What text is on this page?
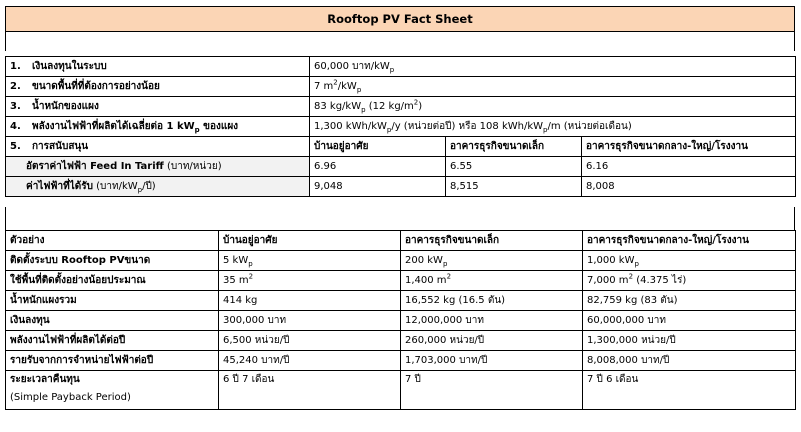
Rooftop PV Fact Sheet
1. เงินลงทุนในระบบ	60,000 บาท$/kW_p$
2. ขนาดพื้นที่ที่ต้องการอย่างน้อย	7 $m^2/kW_p$
3. น้ำหนักของแผง	83 $kg/kW_p$ (12 $kg/m^2$)		
4. พลังงานไฟฟ้าที่ผลิตได้เฉลี่ยต่อ 1 $kW_p$ ของแผง	1,300 kWh/$kW_p/y$ (หน่วยต่อปี) หรือ 108 kWh/$kW_p/m$ (หน่วยต่อเดือน)		
5. การสนับสนุน	บ้านอยู่อาศัย	อาคารธุรกิจขนาดเล็ก	อาคารธุรกิจขนาดกลาง-ใหญ่/โรงงาน
อัตราค่าไฟฟ้า Feed In Tariff (บาท/หน่วย)	6.96	6.55	6.16
ค่าไฟฟ้าที่ได้รับ (บาท$/kW_p/$ปี)	9,048	8,515	8,008
ตัวอย่าง	บ้านอยู่อาศัย	อาคารธุรกิจขนาดเล็ก	อาคารธุรกิจขนาดกลาง-ใหญ่/โรงงาน
ติดตั้งระบบ Rooftop PVขนาด	5 $kW_p$	200 $kW_p$	1,000 $kW_p$
ใช้พื้นที่ติดตั้งอย่างน้อยประมาณ	35 $m^2$	1,400 $m^2$	7,000 $m^2$ (4.375 ไร่)
น้ำหนักแผงรวม	414 kg	16,552 kg (16.5 ตัน)	82,759 kg (83 ตัน)
เงินลงทุน	300,000 บาท	12,000,000 บาท	60,000,000 บาท
พลังงานไฟฟ้าที่ผลิตได้ต่อปี	6,500 หน่วย/ปี	260,000 หน่วย/ปี	1,300,000 หน่วย/ปี
รายรับจากการจำหน่ายไฟฟ้าต่อปี	45,240 บาท/ปี	1,703,000 บาท/ปี	8,008,000 บาท/ปี

ระยะเวลาคืนทุน
(Simple Payback Period)	6 ปี 7 เดือน	7 ปี	7 ปี 6 เดือน
